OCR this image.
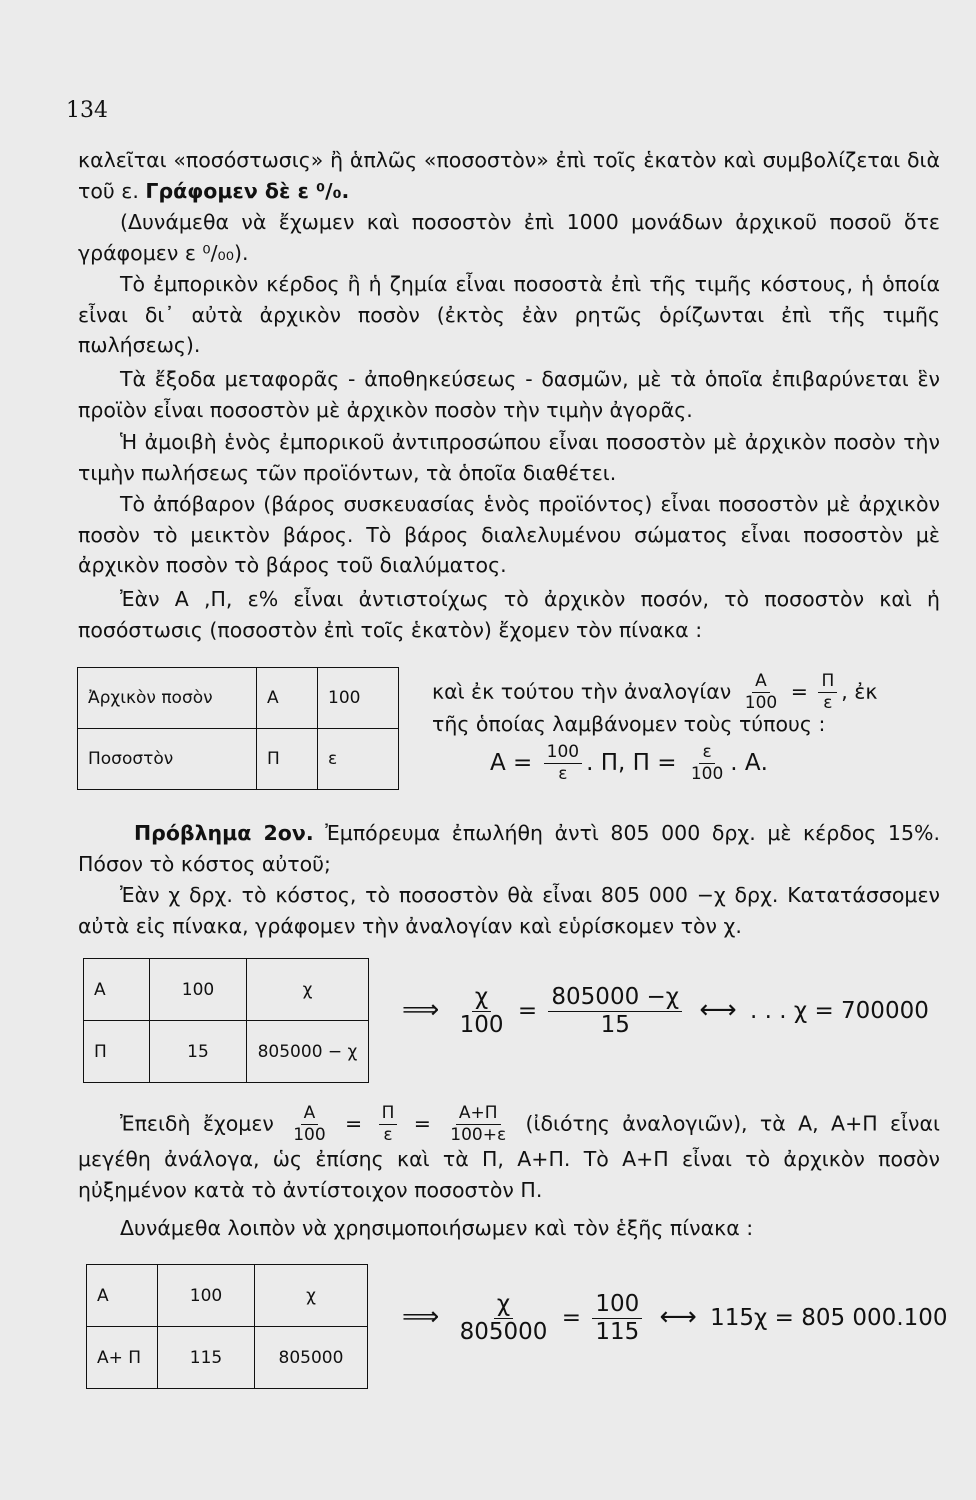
134

καλεῖται «ποσόστωσις» ἢ ἁπλῶς «ποσοστὸν» ἐπὶ τοῖς ἑκατὸν καὶ συμβολίζεται διὰ τοῦ ε. Γράφομεν δὲ ε ⁰/₀.

(Δυνάμεθα νὰ ἔχωμεν καὶ ποσοστὸν ἐπὶ 1000 μονάδων ἀρχικοῦ ποσοῦ ὅτε γράφομεν ε ⁰/₀₀).

Τὸ ἐμπορικὸν κέρδος ἢ ἡ ζημία εἶναι ποσοστὰ ἐπὶ τῆς τιμῆς κόστους, ἡ ὁποία εἶναι δι᾽ αὐτὰ ἀρχικὸν ποσὸν (ἐκτὸς ἐὰν ρητῶς ὁρίζωνται ἐπὶ τῆς τιμῆς πωλήσεως).

Τὰ ἔξοδα μεταφορᾶς - ἀποθηκεύσεως - δασμῶν, μὲ τὰ ὁποῖα ἐπιβαρύνεται ἓν προϊὸν εἶναι ποσοστὸν μὲ ἀρχικὸν ποσὸν τὴν τιμὴν ἀγορᾶς.

Ἡ ἀμοιβὴ ἑνὸς ἐμπορικοῦ ἀντιπροσώπου εἶναι ποσοστὸν μὲ ἀρχικὸν ποσὸν τὴν τιμὴν πωλήσεως τῶν προϊόντων, τὰ ὁποῖα διαθέτει.

Τὸ ἀπόβαρον (βάρος συσκευασίας ἑνὸς προϊόντος) εἶναι ποσοστὸν μὲ ἀρχικὸν ποσὸν τὸ μεικτὸν βάρος. Τὸ βάρος διαλελυμένου σώματος εἶναι ποσοστὸν μὲ ἀρχικὸν ποσὸν τὸ βάρος τοῦ διαλύματος.

Ἐὰν Α ,Π, ε% εἶναι ἀντιστοίχως τὸ ἀρχικὸν ποσόν, τὸ ποσοστὸν καὶ ἡ ποσόστωσις (ποσοστὸν ἐπὶ τοῖς ἑκατὸν) ἔχομεν τὸν πίνακα :

Ἀρχικὸν ποσὸν	Α	100
Ποσοστὸν	Π	ε
καὶ ἐκ τούτου τὴν ἀναλογίαν $\frac{A}{100} = \frac{\Pi}{\varepsilon}$ , ἐκ
τῆς ὁποίας λαμβάνομεν τοὺς τύπους :
$A = \frac{100}{\varepsilon}$ . Π, $\Pi = \frac{\varepsilon}{100}$ . Α.

Πρόβλημα 2ον. Ἐμπόρευμα ἐπωλήθη ἀντὶ 805 000 δρχ. μὲ κέρδος 15%. Πόσον τὸ κόστος αὐτοῦ;

Ἐὰν χ δρχ. τὸ κόστος, τὸ ποσοστὸν θὰ εἶναι 805 000 −χ δρχ. Κατατάσσομεν αὐτὰ εἰς πίνακα, γράφομεν τὴν ἀναλογίαν καὶ εὑρίσκομεν τὸν χ.

Α	100	χ
Π	15	805000 − χ
⟹ $\frac{\chi}{100} = \frac{805000 -\chi}{15}$ ⟷ . . . χ = 700000

Ἐπειδὴ ἔχομεν $\frac{A}{100} = \frac{\Pi}{\varepsilon} = \frac{A+\Pi}{100+\varepsilon}$ (ἰδιότης ἀναλογιῶν), τὰ Α, Α+Π εἶναι μεγέθη ἀνάλογα, ὡς ἐπίσης καὶ τὰ Π, Α+Π. Τὸ Α+Π εἶναι τὸ ἀρχικὸν ποσὸν ηὐξημένον κατὰ τὸ ἀντίστοιχον ποσοστὸν Π.

Δυνάμεθα λοιπὸν νὰ χρησιμοποιήσωμεν καὶ τὸν ἑξῆς πίνακα :

Α	100	χ
Α+ Π	115	805000
⟹ $\frac{\chi}{805000} = \frac{100}{115}$ ⟷ 115χ = 805 000.100
